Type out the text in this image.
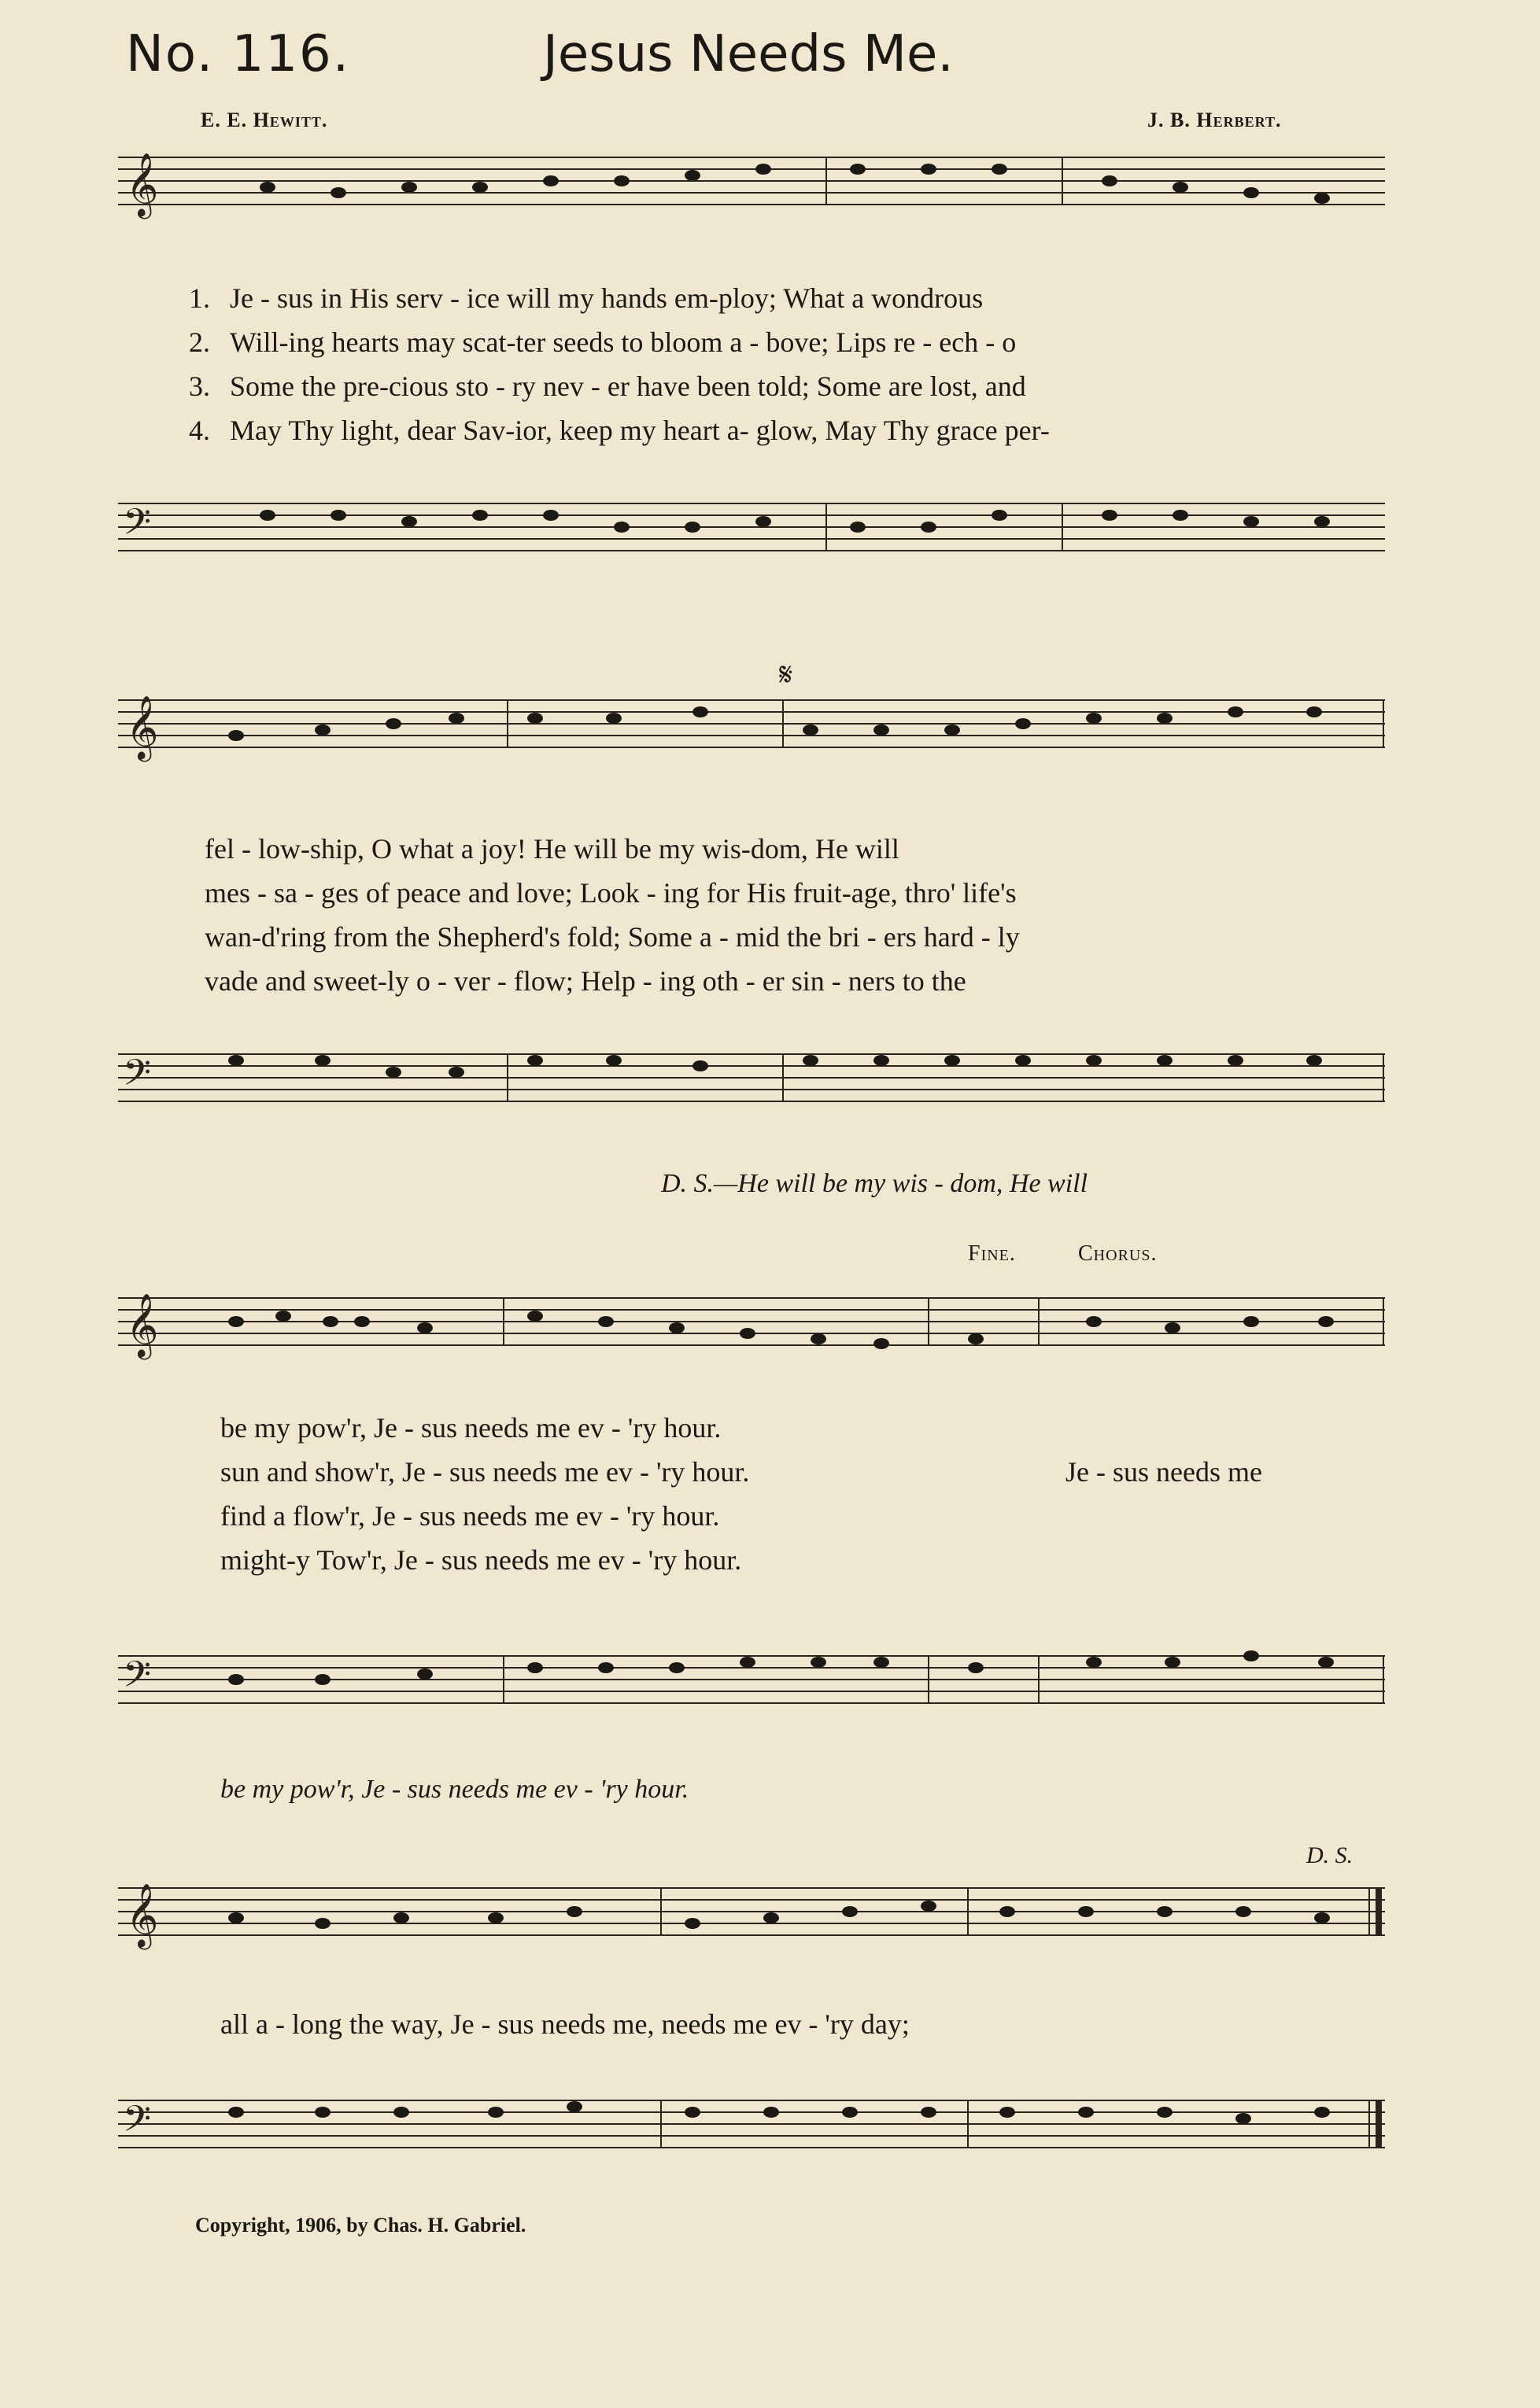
No. 116.	Jesus Needs Me.
E. E. Hewitt.	J. B. Herbert.
𝄞
1. Je - sus in His serv - ice will my hands em-ploy; What a wondrous
2. Will-ing hearts may scat-ter seeds to bloom a - bove; Lips re - ech - o
3. Some the pre-cious sto - ry nev - er have been told; Some are lost, and
4. May Thy light, dear Sav-ior, keep my heart a- glow, May Thy grace per-
𝄢
𝄋
𝄞
fel - low-ship, O what a joy! He will be my wis-dom, He will
mes - sa - ges of peace and love; Look - ing for His fruit-age, thro' life's
wan-d'ring from the Shepherd's fold; Some a - mid the bri - ers hard - ly
vade and sweet-ly o - ver - flow; Help - ing oth - er sin - ners to the
𝄢
D. S.—He will be my wis - dom, He will
Fine.	Chorus.
𝄞
be my pow'r, Je - sus needs me ev - 'ry hour.
sun and show'r, Je - sus needs me ev - 'ry hour.	Je - sus needs me
find a flow'r, Je - sus needs me ev - 'ry hour.
might-y Tow'r, Je - sus needs me ev - 'ry hour.
𝄢
be my pow'r, Je - sus needs me ev - 'ry hour.
D. S.
𝄞
all a - long the way, Je - sus needs me, needs me ev - 'ry day;
𝄢
Copyright, 1906, by Chas. H. Gabriel.
